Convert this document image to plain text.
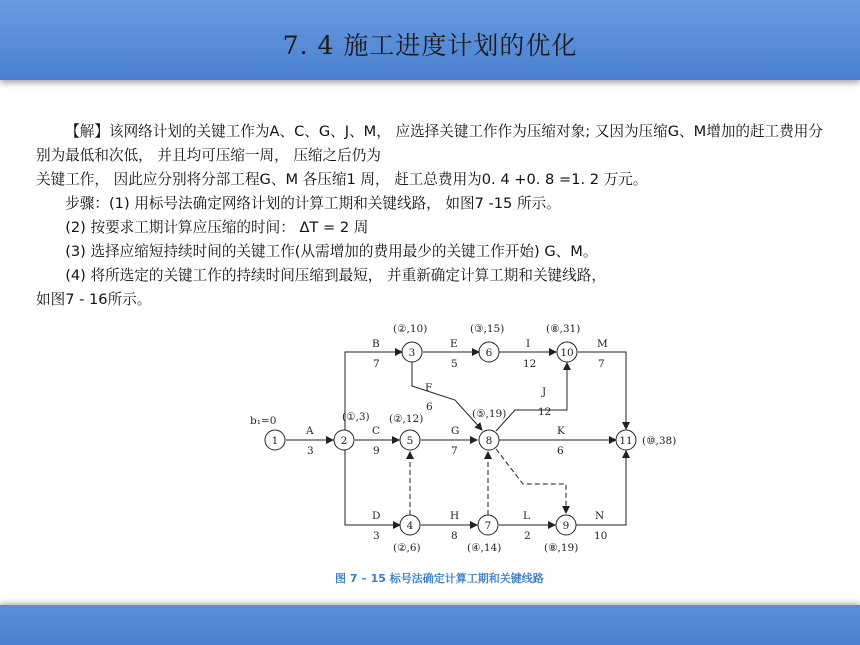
7. 4 施工进度计划的优化

【解】该网络计划的关键工作为A、C、G、J、M， 应选择关键工作作为压缩对象; 又因为压缩G、M增加的赶工费用分别为最低和次低， 并且均可压缩一周， 压缩之后仍为

关键工作， 因此应分别将分部工程G、M 各压缩1 周， 赶工总费用为0. 4 +0. 8 =1. 2 万元。

步骤：(1) 用标号法确定网络计划的计算工期和关键线路， 如图7 -15 所示。

(2) 按要求工期计算应压缩的时间： ΔT = 2 周

(3) 选择应缩短持续时间的关键工作(从需增加的费用最少的关键工作开始) G、M。

(4) 将所选定的关键工作的持续时间压缩到最短， 并重新确定计算工期和关键线路，

如图7 - 16所示。

1	2
3
4
5
6
7
8
9
10
11
b₁=0	(①,3)
(②,10)
(②,6)
(②,12)
(③,15)
(④,14)
(⑤,19)
(⑧,19)
(⑧,31)
(⑩,38)
A
3
B
7
C
9
D
3
E
5
F
6
G
7
H
8
I
12
J
12
K
6
L
2
M
7
N
10
图 7 – 15 标号法确定计算工期和关键线路
